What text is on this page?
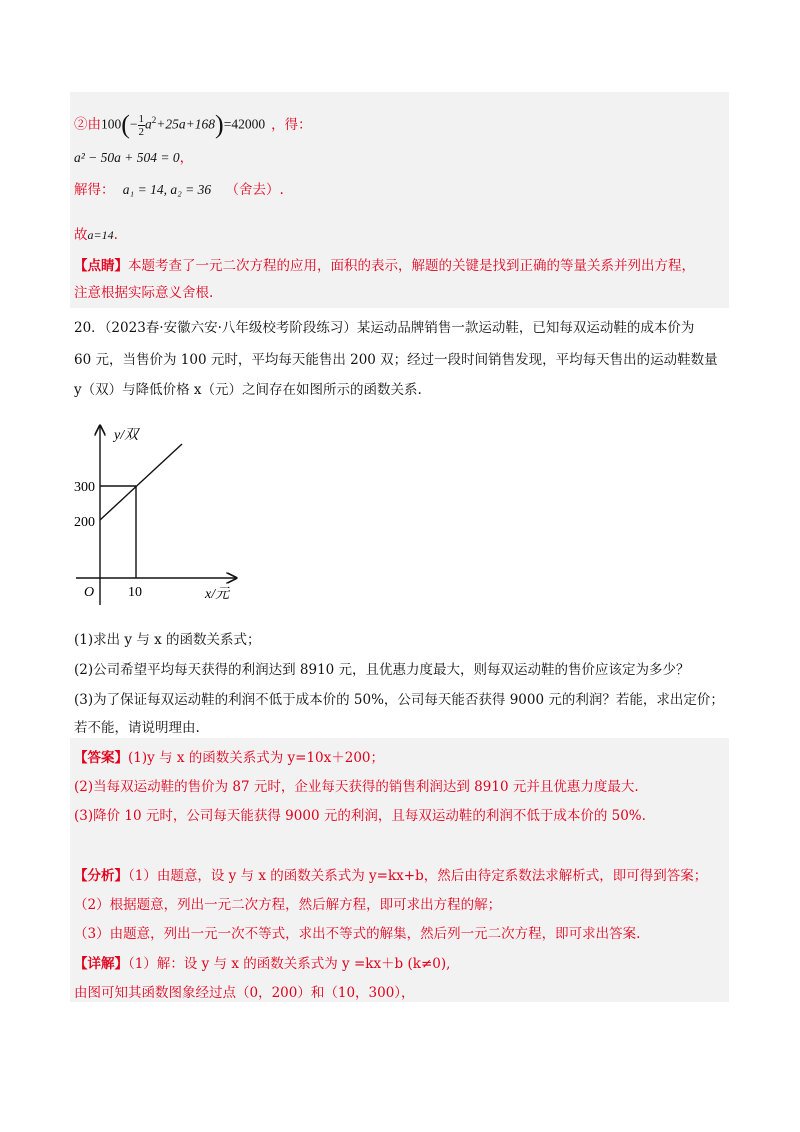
②由$100(- \frac{1}{2} a^2+25a+168)=42000$ ，得：
a² − 50a + 504 = 0，
解得： a₁ = 14, a₂ = 36 （舍去）.
故a=14.
【点睛】本题考查了一元二次方程的应用，面积的表示，解题的关键是找到正确的等量关系并列出方程，
注意根据实际意义舍根.
20．（2023春·安徽六安·八年级校考阶段练习）某运动品牌销售一款运动鞋，已知每双运动鞋的成本价为
60 元，当售价为 100 元时，平均每天能售出 200 双；经过一段时间销售发现，平均每天售出的运动鞋数量
y（双）与降低价格 x（元）之间存在如图所示的函数关系.
y/双
x/元
O
300
200
10
(1)求出 y 与 x 的函数关系式；
(2)公司希望平均每天获得的利润达到 8910 元，且优惠力度最大，则每双运动鞋的售价应该定为多少？
(3)为了保证每双运动鞋的利润不低于成本价的 50%，公司每天能否获得 9000 元的利润？若能，求出定价；
若不能，请说明理由.
【答案】(1)y 与 x 的函数关系式为 y=10x＋200；
(2)当每双运动鞋的售价为 87 元时，企业每天获得的销售利润达到 8910 元并且优惠力度最大.
(3)降价 10 元时，公司每天能获得 9000 元的利润，且每双运动鞋的利润不低于成本价的 50%.
【分析】（1）由题意，设 y 与 x 的函数关系式为 y=kx+b，然后由待定系数法求解析式，即可得到答案；
（2）根据题意，列出一元二次方程，然后解方程，即可求出方程的解；
（3）由题意，列出一元一次不等式，求出不等式的解集，然后列一元二次方程，即可求出答案.
【详解】（1）解：设 y 与 x 的函数关系式为 y =kx＋b (k≠0),
由图可知其函数图象经过点（0，200）和（10，300），
